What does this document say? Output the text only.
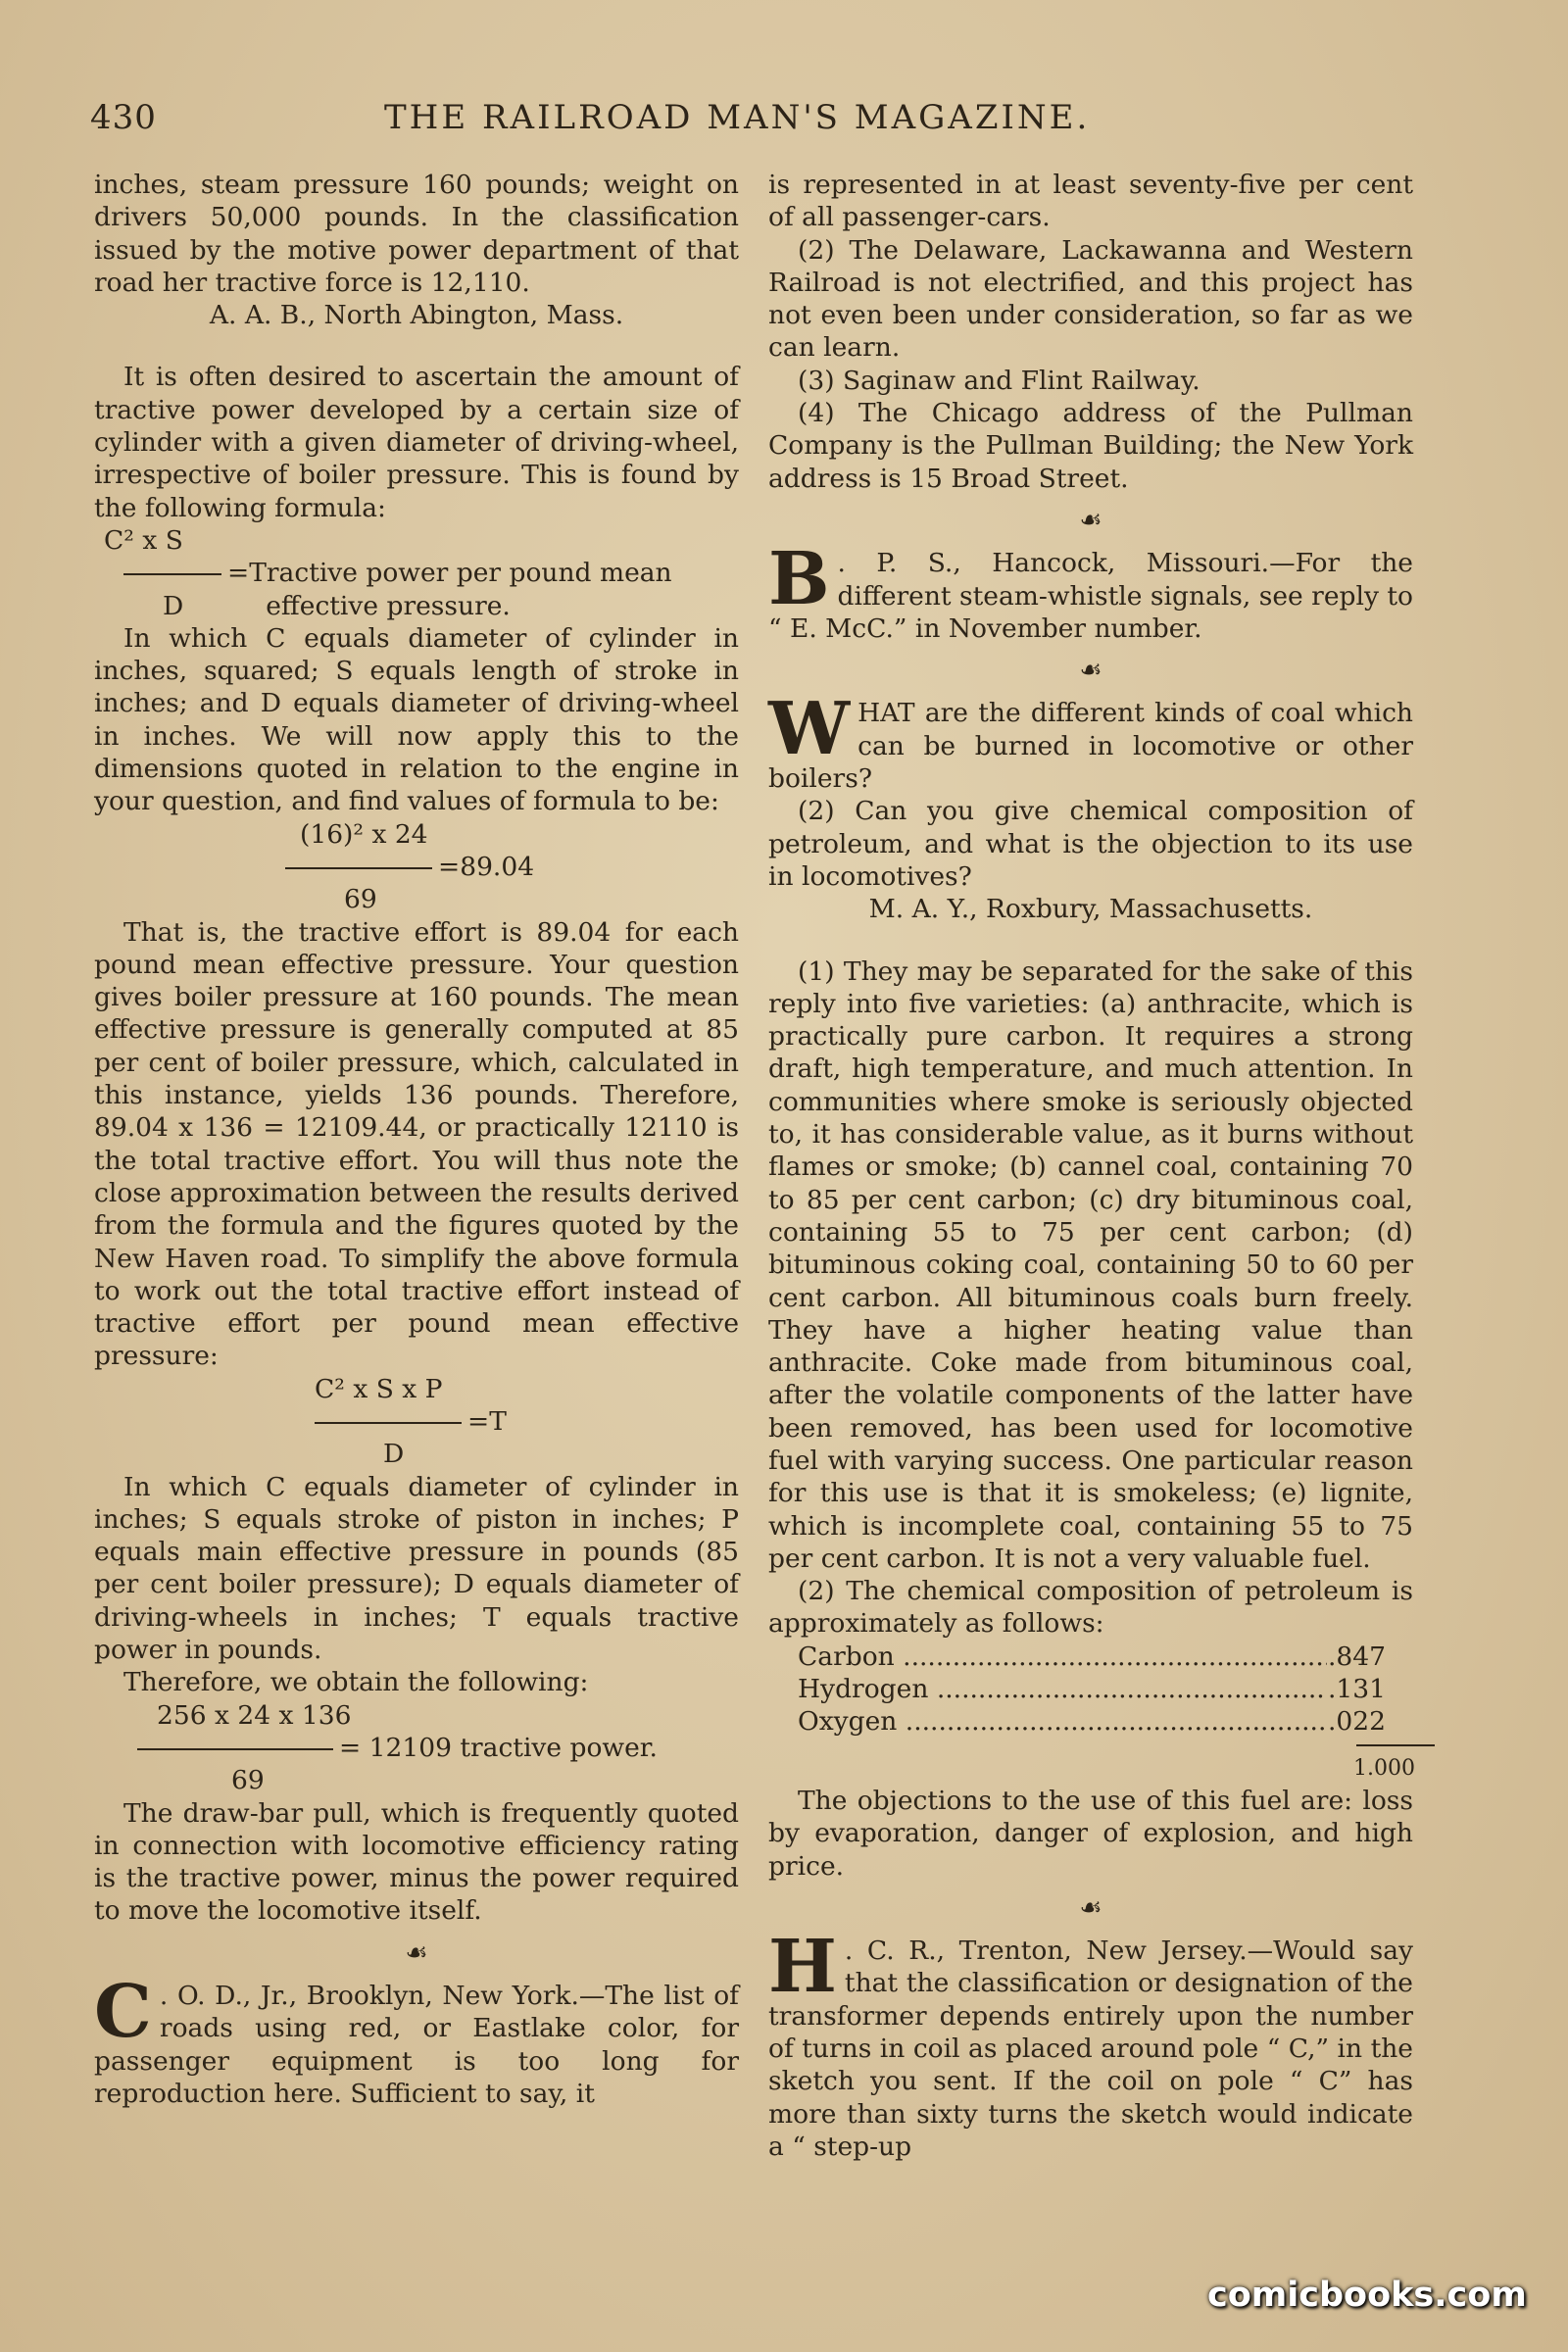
430	THE RAILROAD MAN'S MAGAZINE.

inches, steam pressure 160 pounds; weight on drivers 50,000 pounds. In the classification issued by the motive power department of that road her tractive force is 12,110.

A. A. B., North Abington, Mass.

It is often desired to ascertain the amount of tractive power developed by a certain size of cylinder with a given diameter of driving-wheel, irrespective of boiler pressure. This is found by the following formula:

C² x S
=Tractive power per pound mean
D	effective pressure.

In which C equals diameter of cylinder in inches, squared; S equals length of stroke in inches; and D equals diameter of driving-wheel in inches. We will now apply this to the dimensions quoted in relation to the engine in your question, and find values of formula to be:

(16)² x 24
=89.04
69

That is, the tractive effort is 89.04 for each pound mean effective pressure. Your question gives boiler pressure at 160 pounds. The mean effective pressure is generally computed at 85 per cent of boiler pressure, which, calculated in this instance, yields 136 pounds. Therefore, 89.04 x 136 = 12109.44, or practically 12110 is the total tractive effort. You will thus note the close approximation between the results derived from the formula and the figures quoted by the New Haven road. To simplify the above formula to work out the total tractive effort instead of tractive effort per pound mean effective pressure:

C² x S x P
=T
D

In which C equals diameter of cylinder in inches; S equals stroke of piston in inches; P equals main effective pressure in pounds (85 per cent boiler pressure); D equals diameter of driving-wheels in inches; T equals tractive power in pounds.

Therefore, we obtain the following:

256 x 24 x 136
= 12109 tractive power.
69

The draw-bar pull, which is frequently quoted in connection with locomotive efficiency rating is the tractive power, minus the power required to move the locomotive itself.

☙

C . O. D., Jr., Brooklyn, New York.—The list of roads using red, or Eastlake color, for passenger equipment is too long for reproduction here. Sufficient to say, it

is represented in at least seventy-five per cent of all passenger-cars.

(2) The Delaware, Lackawanna and Western Railroad is not electrified, and this project has not even been under consideration, so far as we can learn.

(3) Saginaw and Flint Railway.

(4) The Chicago address of the Pullman Company is the Pullman Building; the New York address is 15 Broad Street.

☙

B . P. S., Hancock, Missouri.—For the different steam-whistle signals, see reply to “ E. McC.” in November number.

☙

WHAT are the different kinds of coal which can be burned in locomotive or other boilers?

(2) Can you give chemical composition of petroleum, and what is the objection to its use in locomotives?

M. A. Y., Roxbury, Massachusetts.

(1) They may be separated for the sake of this reply into five varieties: (a) anthracite, which is practically pure carbon. It requires a strong draft, high temperature, and much attention. In communities where smoke is seriously objected to, it has considerable value, as it burns without flames or smoke; (b) cannel coal, containing 70 to 85 per cent carbon; (c) dry bituminous coal, containing 55 to 75 per cent carbon; (d) bituminous coking coal, containing 50 to 60 per cent carbon. All bituminous coals burn freely. They have a higher heating value than anthracite. Coke made from bituminous coal, after the volatile components of the latter have been removed, has been used for locomotive fuel with varying success. One particular reason for this use is that it is smokeless; (e) lignite, which is incomplete coal, containing 55 to 75 per cent carbon. It is not a very valuable fuel.

(2) The chemical composition of petroleum is approximately as follows:

Carbon .....	.847
Hydrogen .....	.131
Oxygen .....	.022
1.000

The objections to the use of this fuel are: loss by evaporation, danger of explosion, and high price.

☙

H . C. R., Trenton, New Jersey.—Would say that the classification or designation of the transformer depends entirely upon the number of turns in coil as placed around pole “ C,” in the sketch you sent. If the coil on pole “ C” has more than sixty turns the sketch would indicate a “ step-up

comicbooks.com
